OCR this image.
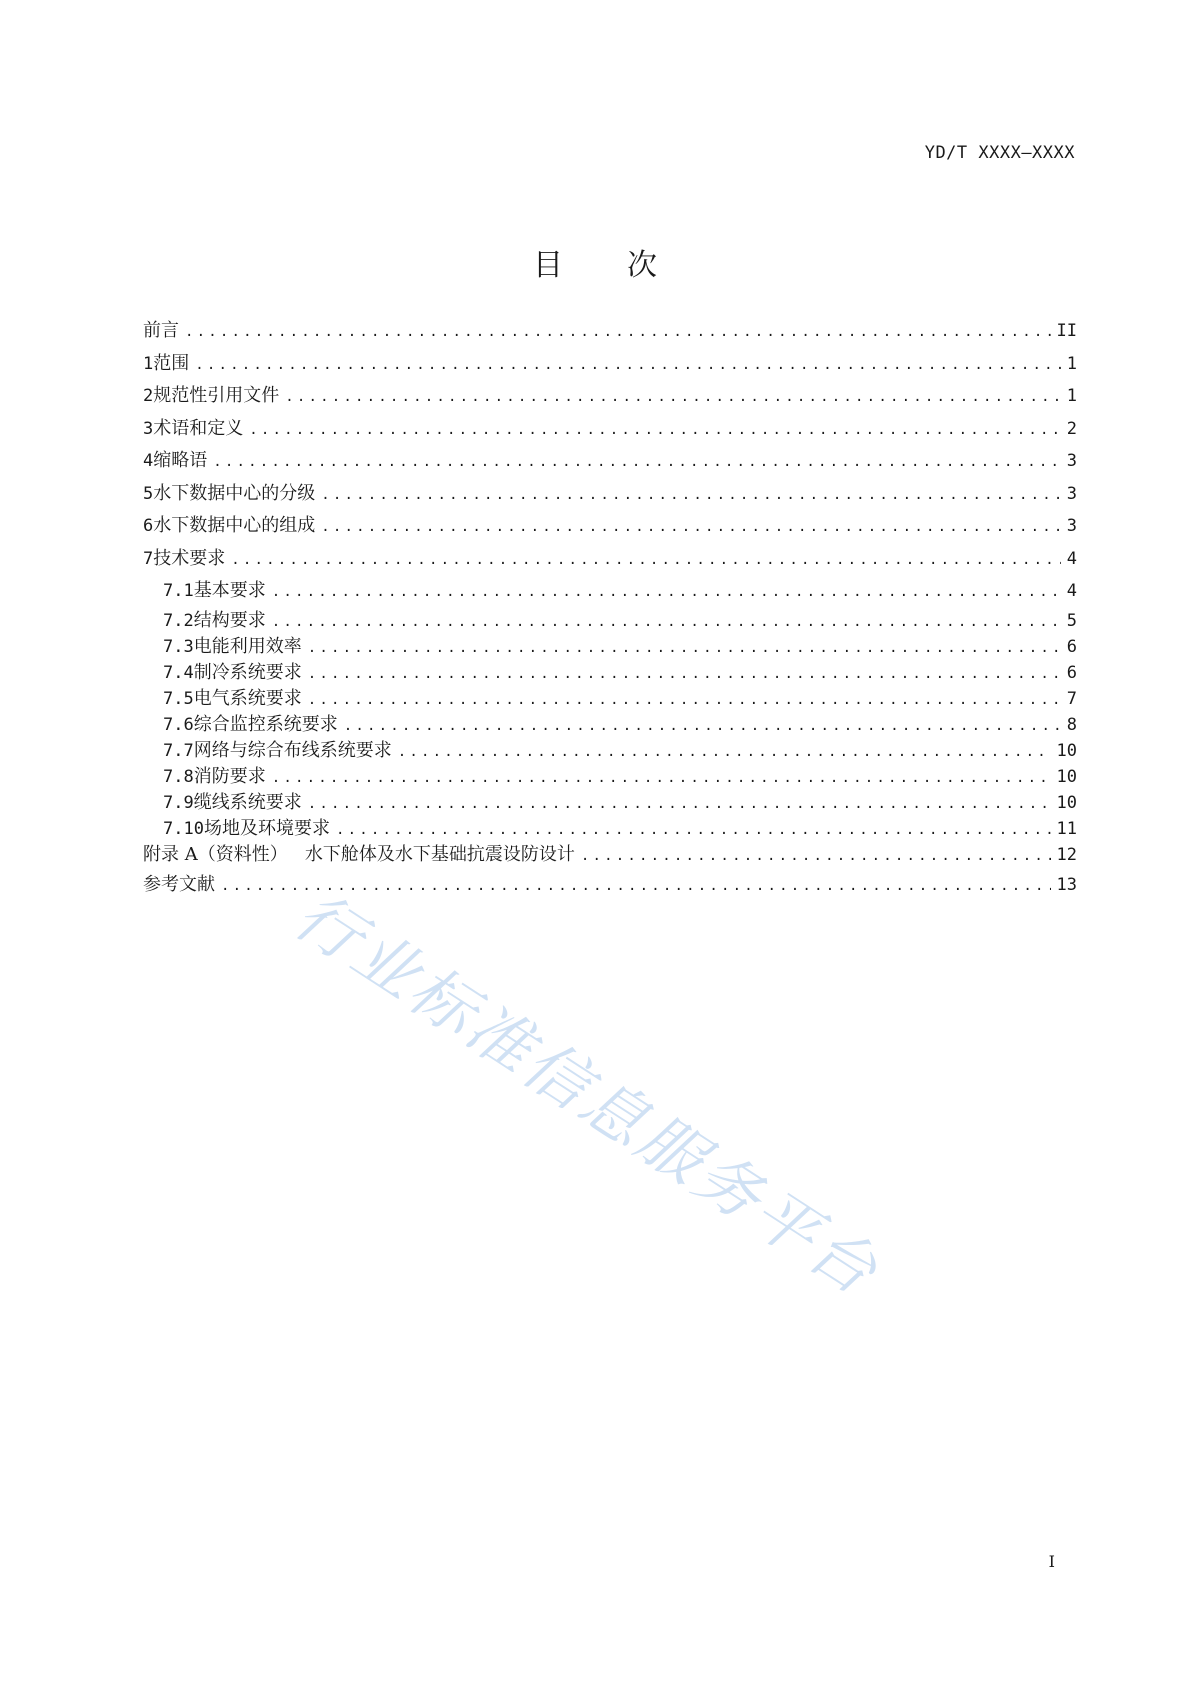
YD/T XXXX—XXXX
目次
前言 .....	II
1 范围 .....	1
2 规范性引用文件 .....	1
3 术语和定义 .....	2
4 缩略语 .....	3
5 水下数据中心的分级 .....	3
6 水下数据中心的组成 .....	3
7 技术要求 .....	4
7.1 基本要求 .....	4
7.2 结构要求 .....	5
7.3 电能利用效率 .....	6
7.4 制冷系统要求 .....	6
7.5 电气系统要求 .....	7
7.6 综合监控系统要求 .....	8
7.7 网络与综合布线系统要求 .....	10
7.8 消防要求 .....	10
7.9 缆线系统要求 .....	10
7.10 场地及环境要求 .....	11
附录 A（资料性）   水下舱体及水下基础抗震设防设计 .....	12
参考文献 .....	13
行业标准信息服务平台
I
